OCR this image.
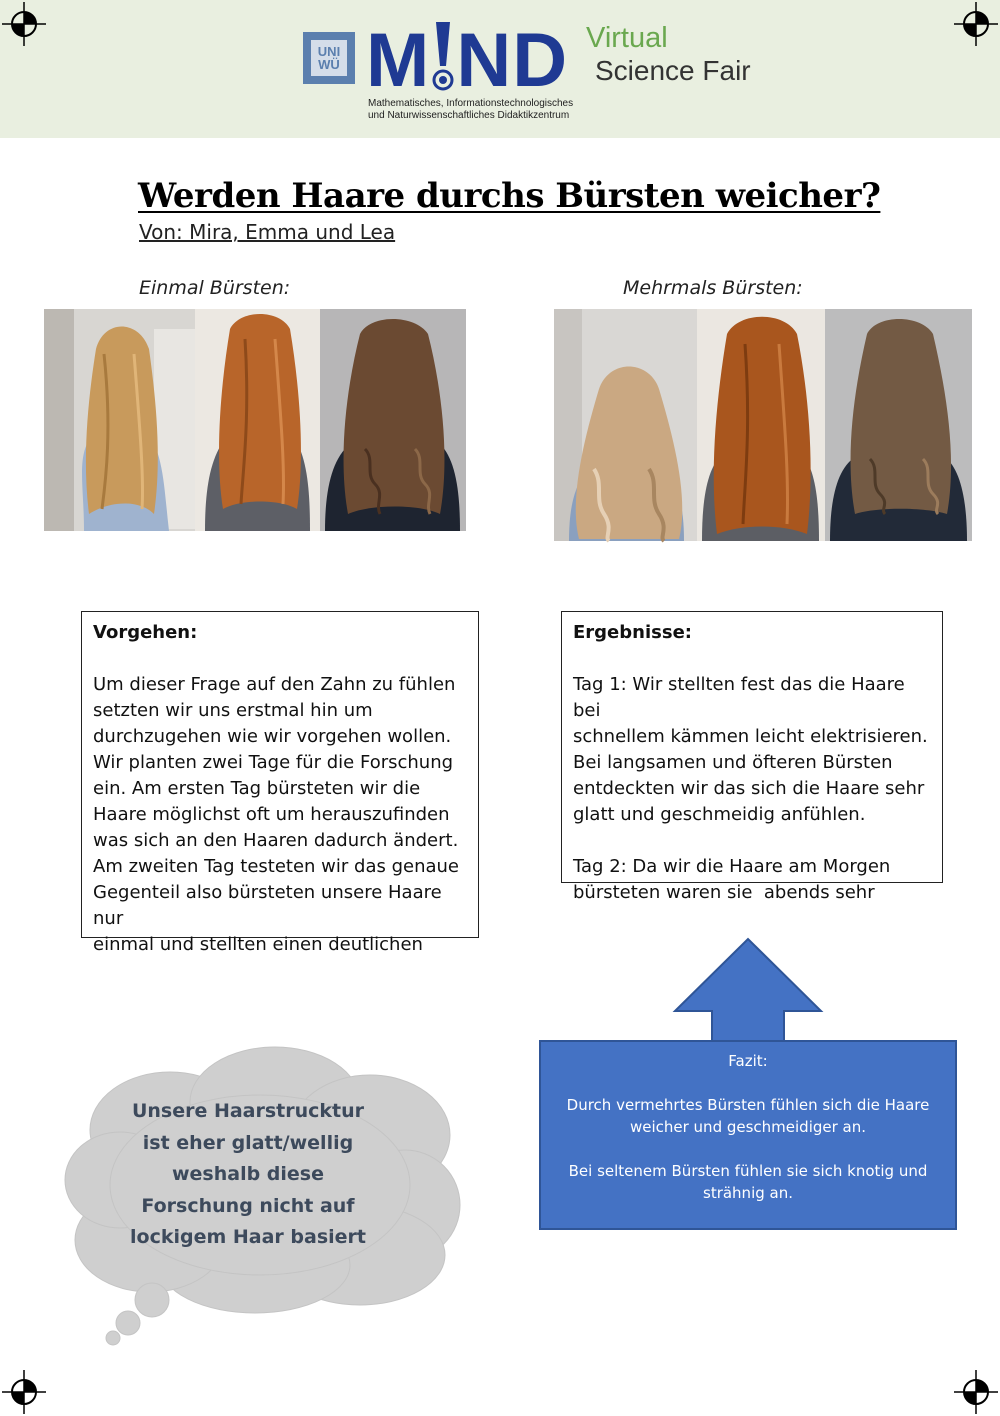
UNI
WÜ M ND Virtual
Science Fair
Mathematisches, Informationstechnologisches
und Naturwissenschaftliches Didaktikzentrum
Werden Haare durchs Bürsten weicher?
Von: Mira, Emma und Lea
Einmal Bürsten:	Mehrmals Bürsten:
Vorgehen:
Um dieser Frage auf den Zahn zu fühlen
setzten wir uns erstmal hin um
durchzugehen wie wir vorgehen wollen.
Wir planten zwei Tage für die Forschung
ein. Am ersten Tag bürsteten wir die
Haare möglichst oft um herauszufinden
was sich an den Haaren dadurch ändert.
Am zweiten Tag testeten wir das genaue
Gegenteil also bürsteten unsere Haare nur
einmal und stellten einen deutlichen
Ergebnisse:
Tag 1: Wir stellten fest das die Haare bei
schnellem kämmen leicht elektrisieren.
Bei langsamen und öfteren Bürsten
entdeckten wir das sich die Haare sehr
glatt und geschmeidig anfühlen.
Tag 2: Da wir die Haare am Morgen
bürsteten waren sie  abends sehr

Fazit:

Durch vermehrtes Bürsten fühlen sich die Haare
weicher und geschmeidiger an.

Bei seltenem Bürsten fühlen sie sich knotig und
strähnig an.

Unsere Haarstrucktur
ist eher glatt/wellig
weshalb diese
Forschung nicht auf
lockigem Haar basiert
